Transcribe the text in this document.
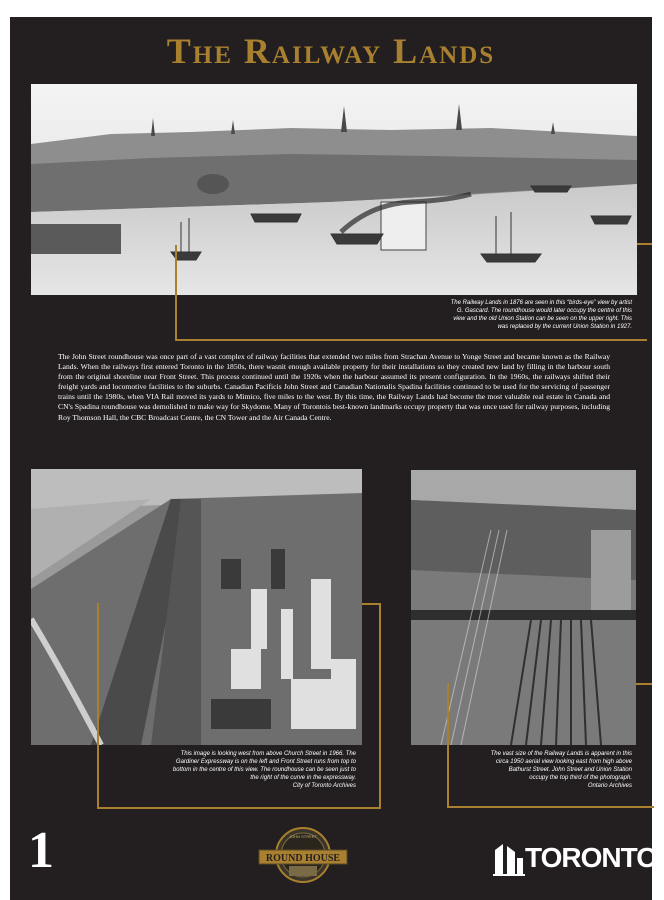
The Railway Lands
The Railway Lands in 1876 are seen in this “birds-eye” view by artist
G. Gascard. The roundhouse would later occupy the centre of this
view and the old Union Station can be seen on the upper right. This
was replaced by the current Union Station in 1927.
The John Street roundhouse was once part of a vast complex of railway facilities that extended two miles from Strachan Avenue to Yonge Street and became known as the Railway Lands. When the railways first entered Toronto in the 1850s, there wasnit enough available property for their installations so they created new land by filling in the harbour south from the original shoreline near Front Street. This process continued until the 1920s when the harbour assumed its present configuration. In the 1960s, the railways shifted their freight yards and locomotive facilities to the suburbs. Canadian Pacificis John Street and Canadian Nationalis Spadina facilities continued to be used for the servicing of passenger trains until the 1980s, when VIA Rail moved its yards to Mimico, five miles to the west. By this time, the Railway Lands had become the most valuable real estate in Canada and CN's Spadina roundhouse was demolished to make way for Skydome. Many of Torontois best-known landmarks occupy property that was once used for railway purposes, including Roy Thomson Hall, the CBC Broadcast Centre, the CN Tower and the Air Canada Centre.
This image is looking west from above Church Street in 1966. The
Gardiner Expressway is on the left and Front Street runs from top to
bottom in the centre of this view. The roundhouse can be seen just to
the right of the curve in the expressway.
City of Toronto Archives
The vast size of the Railway Lands is apparent in this
circa 1950 aerial view looking east from high above
Bathurst Street. John Street and Union Station
occupy the top third of the photograph.
Ontario Archives
1	ROUND HOUSE
JOHN STREET
TORONTO
